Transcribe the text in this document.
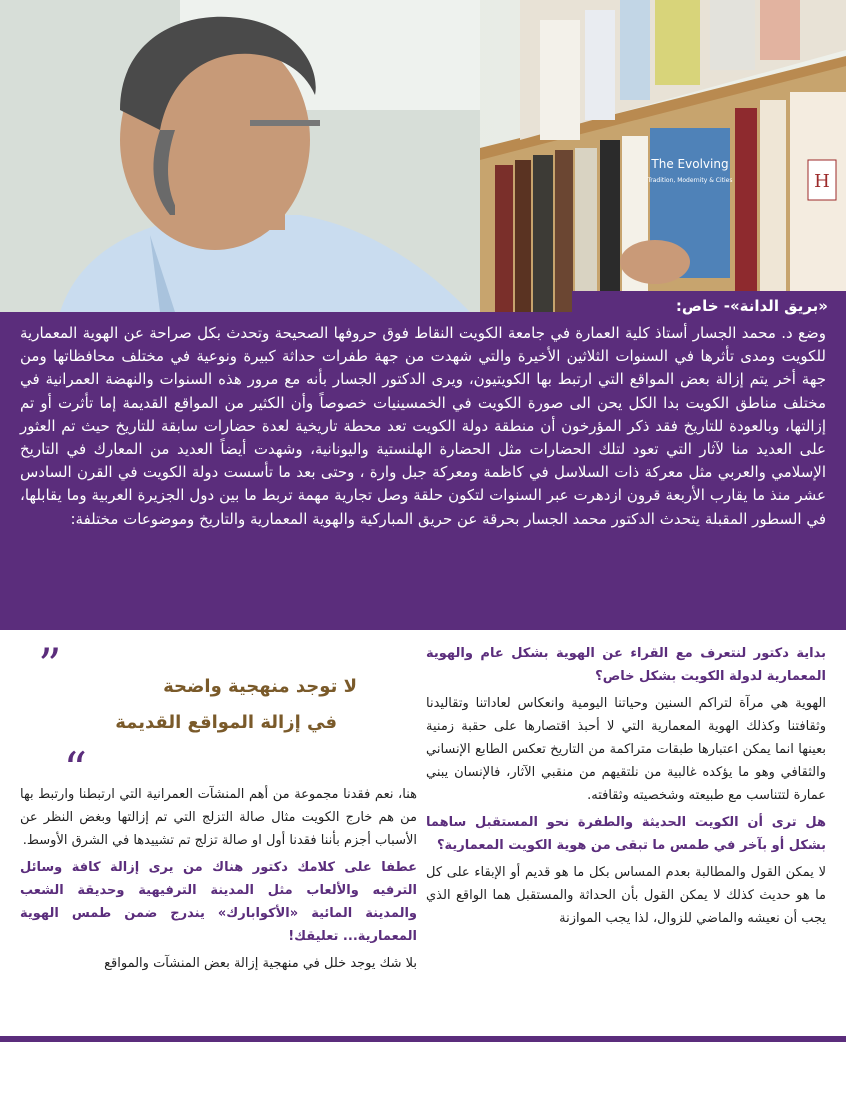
The Evolving
Tradition, Modernity & Cities	H
وضع د. محمد الجسار أستاذ كلية العمارة في جامعة الكويت النقاط فوق حروفها الصحيحة وتحدث بكل صراحة عن الهوية المعمارية للكويت ومدى تأثرها في السنوات الثلاثين الأخيرة والتي شهدت من جهة طفرات حداثة كبيرة ونوعية في مختلف محافظاتها ومن جهة أخر يتم إزالة بعض المواقع التي ارتبط بها الكويتيون، ويرى الدكتور الجسار بأنه مع مرور هذه السنوات والنهضة العمرانية في مختلف مناطق الكويت بدا الكل يحن الى صورة الكويت في الخمسينيات خصوصاً وأن الكثير من المواقع القديمة إما تأثرت أو تم إزالتها، وبالعودة للتاريخ فقد ذكر المؤرخون أن منطقة دولة الكويت تعد محطة تاريخية لعدة حضارات سابقة للتاريخ حيث تم العثور على العديد منا لآثار التي تعود لتلك الحضارات مثل الحضارة الهلنستية واليونانية، وشهدت أيضاً العديد من المعارك في التاريخ الإسلامي والعربي مثل معركة ذات السلاسل في كاظمة ومعركة جبل وارة ، وحتى بعد ما تأسست دولة الكويت في القرن السادس عشر منذ ما يقارب الأربعة قرون ازدهرت عبر السنوات لتكون حلقة وصل تجارية مهمة تربط ما بين دول الجزيرة العربية وما يقابلها، في السطور المقبلة يتحدث الدكتور محمد الجسار بحرقة عن حريق المباركية والهوية المعمارية والتاريخ وموضوعات مختلفة:
«بريق الدانة»- خاص:

بداية دكتور لنتعرف مع القراء عن الهوية بشكل عام والهوية المعمارية لدولة الكويت بشكل خاص؟

الهوية هي مرآة لتراكم السنين وحياتنا اليومية وانعكاس لعاداتنا وتقاليدنا وثقافتنا وكذلك الهوية المعمارية التي لا أحبذ اقتصارها على حقبة زمنية بعينها انما يمكن اعتبارها طبقات متراكمة من التاريخ تعكس الطابع الإنساني والثقافي وهو ما يؤكده غالبية من نلتقيهم من منقبي الآثار، فالإنسان يبني عمارة لتتناسب مع طبيعته وشخصيته وثقافته.

هل ترى أن الكويت الحديثة والطفرة نحو المستقبل ساهما بشكل أو بآخر في طمس ما تبقى من هوية الكويت المعمارية؟

لا يمكن القول والمطالبة بعدم المساس بكل ما هو قديم أو الإبقاء على كل ما هو حديث كذلك لا يمكن القول بأن الحداثة والمستقبل هما الواقع الذي يجب أن نعيشه والماضي للزوال، لذا يجب الموازنة

”	لا توجد منهجية واضحة
في إزالة المواقع القديمة
“

هنا، نعم فقدنا مجموعة من أهم المنشآت العمرانية التي ارتبطنا وارتبط بها من هم خارج الكويت مثال صالة التزلج التي تم إزالتها وبغض النظر عن الأسباب أجزم بأننا فقدنا أول او صالة تزلج تم تشييدها في الشرق الأوسط.

عطفا على كلامك دكتور هناك من يرى إزالة كافة وسائل الترفيه والألعاب مثل المدينة الترفيهية وحديقة الشعب والمدينة المائية «الأكوابارك» يندرج ضمن طمس الهوية المعمارية... تعليقك!

بلا شك يوجد خلل في منهجية إزالة بعض المنشآت والمواقع
